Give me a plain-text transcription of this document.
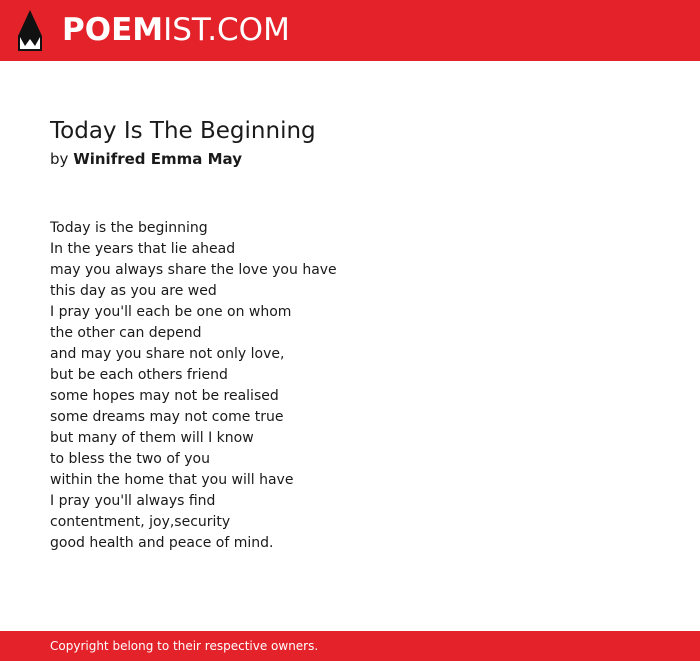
POEMIST.COM
Today Is The Beginning
by Winifred Emma May
Today is the beginning
In the years that lie ahead
may you always share the love you have
this day as you are wed
I pray you'll each be one on whom
the other can depend
and may you share not only love,
but be each others friend
some hopes may not be realised
some dreams may not come true
but many of them will I know
to bless the two of you
within the home that you will have
I pray you'll always find
contentment, joy,security
good health and peace of mind.
Copyright belong to their respective owners.
